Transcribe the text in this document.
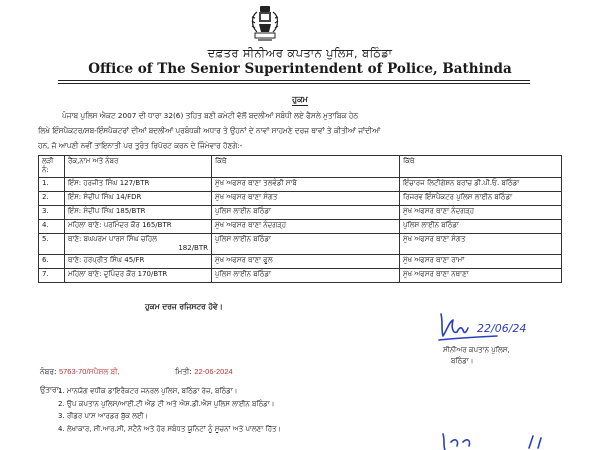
ਦਫ਼ਤਰ ਸੀਨੀਅਰ ਕਪਤਾਨ ਪੁਲਿਸ, ਬਠਿੰਡਾ
Office of The Senior Superintendent of Police, Bathinda
ਹੁਕਮ
ਪੰਜਾਬ ਪੁਲਿਸ ਐਕਟ 2007 ਦੀ ਧਾਰਾ 32(6) ਤਹਿਤ ਬਣੀ ਕਮੇਟੀ ਵੱਲੋਂ ਬਦਲੀਆਂ ਸਬੰਧੀ ਲਏ ਫੈਸਲੇ ਮੁਤਾਬਿਕ ਹੇਠ
ਲਿਖੇ ਇੰਸਪੈਕਟਰ/ਸਬ-ਇੰਸਪੈਕਟਰਾਂ ਦੀਆਂ ਬਦਲੀਆਂ ਪ੍ਰਬੰਧਕੀ ਅਧਾਰ ਤੇ ਉਹਨਾਂ ਦੇ ਨਾਵਾਂ ਸਾਹਮਣੇ ਦਰਜ ਥਾਵਾਂ ਤੇ ਕੀਤੀਆਂ ਜਾਂਦੀਆਂ
ਹਨ, ਜੋ ਆਪਣੀ ਨਵੀਂ ਤਾਇਨਾਤੀ ਪਰ ਤੁਰੰਤ ਰਿਪੋਰਟ ਕਰਨ ਦੇ ਜਿੰਮੇਵਾਰ ਹੋਣਗੇ:-
ਲੜੀ ਨੰ:	ਰੈਂਕ,ਨਾਮ ਅਤੇ ਨੰਬਰ	ਕਿੱਥੋਂ	ਕਿੱਥੇ
1.	ਇੰਸ: ਹਰਜੀਤ ਸਿੰਘ 127/BTR	ਮੁੱਖ ਅਫਸਰ ਥਾਣਾ ਤਲਵੰਡੀ ਸਾਬੋ	ਇੰਚਾਰਜ ਲਿਟੀਗੇਸ਼ਨ ਬਰਾਂਚ ਡੀ.ਪੀ.ਓ. ਬਠਿੰਡਾ
2.	ਇੰਸ: ਸੰਦੀਪ ਸਿੰਘ 14/FDR	ਮੁੱਖ ਅਫਸਰ ਥਾਣਾ ਸੰਗਤ	ਰਿਜਰਵ ਇੰਸਪੈਕਟਰ ਪੁਲਿਸ ਲਾਈਨ ਬਠਿੰਡਾ
3.	ਇੰਸ: ਸੰਦੀਪ ਸਿੰਘ 185/BTR	ਪੁਲਿਸ ਲਾਈਨ ਬਠਿੰਡਾ	ਮੁੱਖ ਅਫਸਰ ਥਾਣਾ ਨੰਦਗੜ੍ਹ
4.	ਮਹਿਲਾ ਥਾਣੇ: ਪਰਮਿੰਦਰ ਕੌਰ 165/BTR	ਮੁੱਖ ਅਫਸਰ ਥਾਣਾ ਨੰਦਗੜ੍ਹ	ਪੁਲਿਸ ਲਾਈਨ ਬਠਿੰਡਾ
5.	ਥਾਣੇ: ਬਘਪਰਮ ਪਾਰਸ ਸਿੰਘ ਚਹਿਲ
182/BTR	ਪੁਲਿਸ ਲਾਈਨ ਬਠਿੰਡਾ	ਮੁੱਖ ਅਫਸਰ ਥਾਣਾ ਸੰਗਤ
6.	ਥਾਣੇ: ਹਰਪ੍ਰੀਤ ਸਿੰਘ 45/FR	ਮੁੱਖ ਅਫਸਰ ਥਾਣਾ ਫੂਲ	ਮੁੱਖ ਅਫਸਰ ਥਾਣਾ ਰਾਮਾਂ
7.	ਮਹਿਲਾ ਥਾਣੇ: ਦੁਪਿੰਦਰ ਕੌਰ 170/BTR	ਪੁਲਿਸ ਲਾਈਨ ਬਠਿੰਡਾ	ਮੁੱਖ ਅਫਸਰ ਥਾਣਾ ਨਥਾਣਾ
ਹੁਕਮ ਦਰਜ ਰਜਿਸਟਰ ਹੋਵੇ।
22/06/24
ਸੀਨੀਅਰ ਕਪਤਾਨ ਪੁਲਿਸ,
ਬਠਿੰਡਾ।
ਨੰਬਰ: 5763-70/ਸਪੈਸ਼ਲ ਬੀ,	ਮਿਤੀ: 22-06-2024
ਉਤਾਰਾ:
1. ਮਾਨਯੋਗ ਵਧੀਕ ਡਾਇਰੈਕਟਰ ਜਨਰਲ ਪੁਲਿਸ, ਬਠਿੰਡਾ ਰੇਜ਼, ਬਠਿੰਡਾ।
2. ਉਪ ਕਪਤਾਨ ਪੁਲਿਸ/ਆਈ.ਟੀ ਐਂਡ ਟੀ ਅਤੇ ਐਸ.ਡੀ.ਐਸ ਪੁਲਿਸ ਲਾਈਨ ਬਠਿੰਡਾ।
3. ਰੀਡਰ ਪਾਸ ਆਰਡਰ ਬੁੱਕ ਲਈ।
4. ਲੇਖਾਕਾਰ, ਸੀ.ਆਰ.ਸੀ, ਸਟੈਨੋ ਅਤੇ ਹੋਰ ਸਬੰਧਤ ਯੂਨਿਟਾਂ ਨੂੰ ਸੂਚਨਾਂ ਅਤੇ ਪਾਲਣਾ ਹਿੱਤ।
